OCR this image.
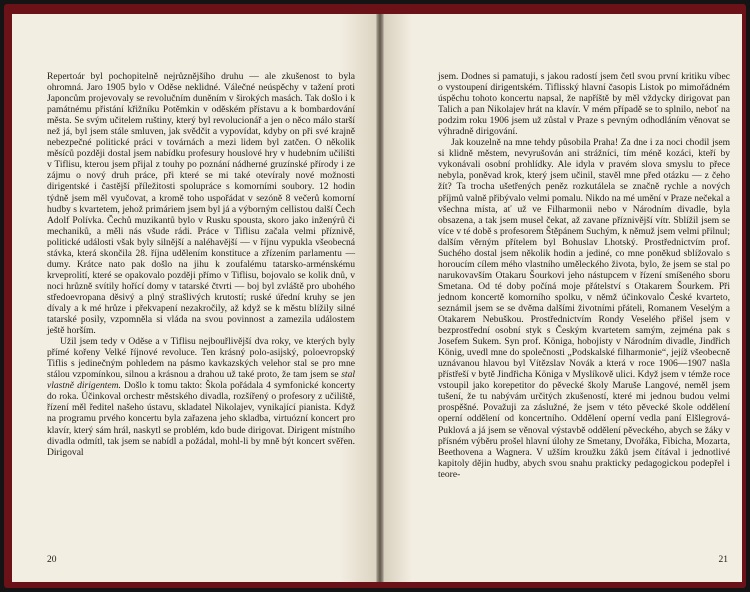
Repertoár byl pochopitelně nejrůznějšího druhu — ale zkušenost to byla ohromná. Jaro 1905 bylo v Oděse neklidné. Válečné neúspěchy v tažení proti Japoncům projevovaly se revolučním duněním v širokých masách. Tak došlo i k památnému přistání křižníku Potěmkin v oděském přístavu a k bombardování města. Se svým učitelem ruštiny, který byl revolucionář a jen o něco málo starší než já, byl jsem stále smluven, jak svědčit a vypovídat, kdyby on při své krajně nebezpečné politické práci v továrnách a mezi lidem byl zatčen. O několik měsíců později dostal jsem nabídku profesury houslové hry v hudebním učilišti v Tiflisu, kterou jsem přijal z touhy po poznání nádherné gruzínské přírody i ze zájmu o nový druh práce, při které se mi také otevíraly nové možnosti dirigentské i častější příležitosti spolupráce s komorními soubory. 12 hodin týdně jsem měl vyučovat, a kromě toho uspořádat v sezóně 8 večerů komorní hudby s kvartetem, jehož primáriem jsem byl já a výborným cellistou další Čech Adolf Polívka. Čechů muzikantů bylo v Rusku spousta, skoro jako inženýrů či mechaniků, a měli nás všude rádi. Práce v Tiflisu začala velmi příznivě, politické události však byly silnější a naléhavější — v říjnu vypukla všeobecná stávka, která skončila 28. října udělením konstituce a zřízením parlamentu — dumy. Krátce nato pak došlo na jihu k zoufalému tatarsko-arménskému krveprolití, které se opakovalo později přímo v Tiflisu, bojovalo se kolik dnů, v noci hrůzně svítily hořící domy v tatarské čtvrti — boj byl zvláště pro ubohého středoevropana děsivý a plný strašlivých krutostí; ruské úřední kruhy se jen dívaly a k mé hrůze i překvapení nezakročily, až když se k městu blížily silné tatarské posily, vzpomněla si vláda na svou povinnost a zamezila událostem ještě horším.

Užil jsem tedy v Oděse a v Tiflisu nejbouřlivější dva roky, ve kterých byly přímé kořeny Velké říjnové revoluce. Ten krásný polo-asijský, poloevropský Tiflis s jedinečným pohledem na pásmo kavkazských velehor stal se pro mne stálou vzpomínkou, silnou a krásnou a drahou už také proto, že tam jsem se stal vlastně dirigentem. Došlo k tomu takto: Škola pořádala 4 symfonické koncerty do roka. Účinkoval orchestr městského divadla, rozšířený o profesory z učiliště, řízení měl ředitel našeho ústavu, skladatel Nikolajev, vynikající pianista. Když na programu prvého koncertu byla zařazena jeho skladba, virtuózní koncert pro klavír, který sám hrál, naskytl se problém, kdo bude dirigovat. Dirigent místního divadla odmítl, tak jsem se nabídl a požádal, mohl-li by mně být koncert svěřen. Dirigoval

20

jsem. Dodnes si pamatuji, s jakou radostí jsem četl svou první kritiku víbec o vystoupení dirigentském. Tiflisský hlavní časopis Listok po mimořádném úspěchu tohoto koncertu napsal, že napříště by měl vždycky dirigovat pan Talich a pan Nikolajev hrát na klavír. V mém případě se to splnilo, neboť na podzim roku 1906 jsem už zůstal v Praze s pevným odhodláním věnovat se výhradně dirigování.

Jak kouzelně na mne tehdy působila Praha! Za dne i za noci chodil jsem si klidně městem, nevyrušován ani strážníci, tím méně kozáci, kteří by vykonávali osobní prohlídky. Ale idyla v pravém slova smyslu to přece nebyla, poněvad krok, který jsem učinil, stavěl mne před otázku — z čeho žít? Ta trocha ušetřených peněz rozkutálela se značně rychle a nových příjmů valně přibývalo velmi pomalu. Nikdo na mé umění v Praze nečekal a všechna místa, ať už ve Filharmonii nebo v Národním divadle, byla obsazena, a tak jsem musel čekat, až zavane příznivější vítr. Sblížil jsem se více v té době s profesorem Štěpánem Suchým, k němuž jsem velmi přilnul; dalším věrným přítelem byl Bohuslav Lhotský. Prostřednictvím prof. Suchého dostal jsem několik hodin a jediné, co mne poněkud sblížovalo s horoucím cílem mého vlastního uměleckého života, bylo, že jsem se stal po narukovavším Otakaru Šourkovi jeho nástupcem v řízení smíšeného sboru Smetana. Od té doby počíná moje přátelství s Otakarem Šourkem. Při jednom koncertě komorního spolku, v němž účinkovalo České kvarteto, seznámil jsem se se dvěma dalšími životními přáteli, Romanem Veselým a Otakarem Nebuškou. Prostřednictvím Rondy Veselého přišel jsem v bezprostřední osobní styk s Českým kvartetem samým, zejména pak s Josefem Sukem. Syn prof. Königa, hobojisty v Národním divadle, Jindřich König, uvedl mne do společnosti „Podskalské filharmonie“, jejíž všeobecně uznávanou hlavou byl Vítězslav Novák a která v roce 1906—1907 našla přístřeší v bytě Jindřicha Königa v Myslíkově ulici. Když jsem v témže roce vstoupil jako korepetitor do pěvecké školy Maruše Langové, neměl jsem tušení, že tu nabývám určitých zkušeností, které mi jednou budou velmi prospěšné. Považuji za záslužné, že jsem v této pěvecké škole oddělení operní oddělení od koncertního. Oddělení operní vedla paní Elšlegrová-Puklová a já jsem se věnoval výstavbě oddělení pěveckého, abych se žáky v přísném výběru prošel hlavní úlohy ze Smetany, Dvořáka, Fibicha, Mozarta, Beethovena a Wagnera. V užším kroužku žáků jsem čítával i jednotlivé kapitoly dějin hudby, abych svou snahu prakticky pedagogickou podepřel i teore-

21
